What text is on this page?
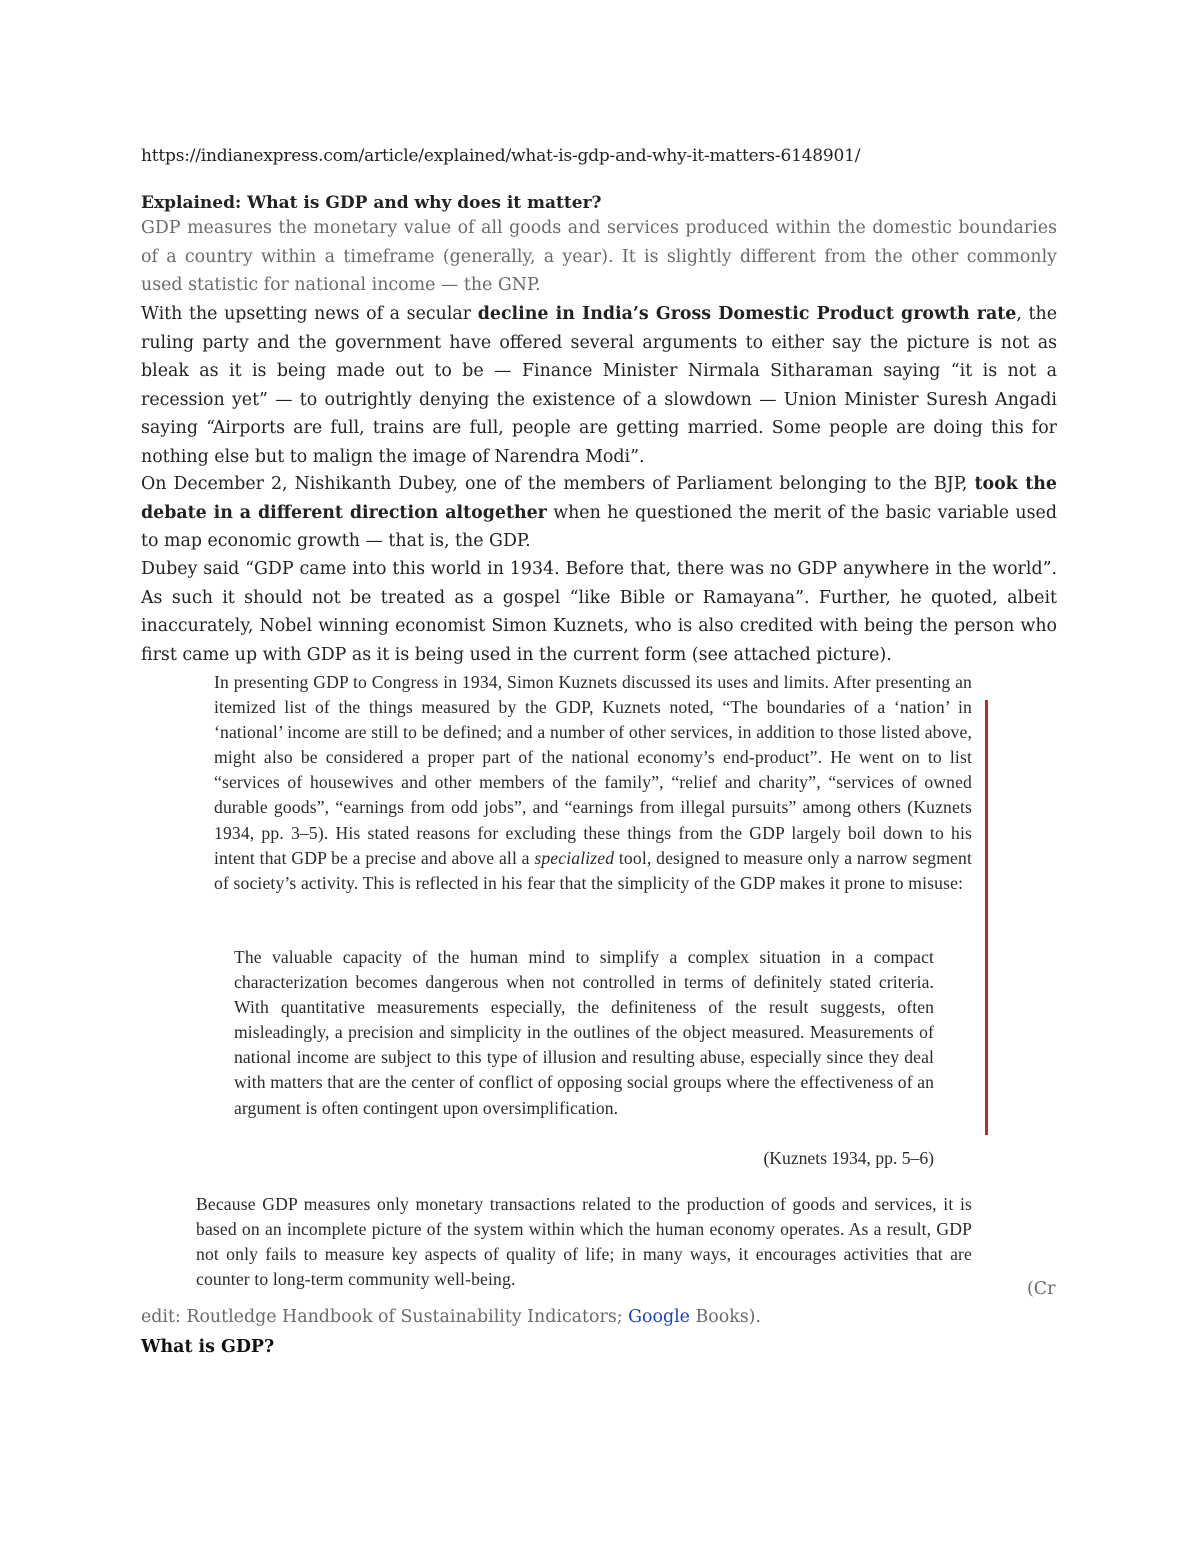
https://indianexpress.com/article/explained/what-is-gdp-and-why-it-matters-6148901/
Explained: What is GDP and why does it matter?
GDP measures the monetary value of all goods and services produced within the domestic boundaries of a country within a timeframe (generally, a year). It is slightly different from the other commonly used statistic for national income — the GNP.
With the upsetting news of a secular decline in India’s Gross Domestic Product growth rate, the ruling party and the government have offered several arguments to either say the picture is not as bleak as it is being made out to be — Finance Minister Nirmala Sitharaman saying “it is not a recession yet” — to outrightly denying the existence of a slowdown — Union Minister Suresh Angadi saying “Airports are full, trains are full, people are getting married. Some people are doing this for nothing else but to malign the image of Narendra Modi”.
On December 2, Nishikanth Dubey, one of the members of Parliament belonging to the BJP, took the debate in a different direction altogether when he questioned the merit of the basic variable used to map economic growth — that is, the GDP.
Dubey said “GDP came into this world in 1934. Before that, there was no GDP anywhere in the world”. As such it should not be treated as a gospel “like Bible or Ramayana”. Further, he quoted, albeit inaccurately, Nobel winning economist Simon Kuznets, who is also credited with being the person who first came up with GDP as it is being used in the current form (see attached picture).
In presenting GDP to Congress in 1934, Simon Kuznets discussed its uses and limits. After presenting an itemized list of the things measured by the GDP, Kuznets noted, “The boundaries of a ‘nation’ in ‘national’ income are still to be defined; and a number of other services, in addition to those listed above, might also be considered a proper part of the national economy’s end-product”. He went on to list “services of housewives and other members of the family”, “relief and charity”, “services of owned durable goods”, “earnings from odd jobs”, and “earnings from illegal pursuits” among others (Kuznets 1934, pp. 3–5). His stated reasons for excluding these things from the GDP largely boil down to his intent that GDP be a precise and above all a specialized tool, designed to measure only a narrow segment of society’s activity. This is reflected in his fear that the simplicity of the GDP makes it prone to misuse:
The valuable capacity of the human mind to simplify a complex situation in a compact characterization becomes dangerous when not controlled in terms of definitely stated criteria. With quantitative measurements especially, the definiteness of the result suggests, often misleadingly, a precision and simplicity in the outlines of the object measured. Measurements of national income are subject to this type of illusion and resulting abuse, especially since they deal with matters that are the center of conflict of opposing social groups where the effectiveness of an argument is often contingent upon oversimplification.
(Kuznets 1934, pp. 5–6)
Because GDP measures only monetary transactions related to the production of goods and services, it is based on an incomplete picture of the system within which the human economy operates. As a result, GDP not only fails to measure key aspects of quality of life; in many ways, it encourages activities that are counter to long-term community well-being.	(Cr
edit: Routledge Handbook of Sustainability Indicators; Google Books).
What is GDP?
